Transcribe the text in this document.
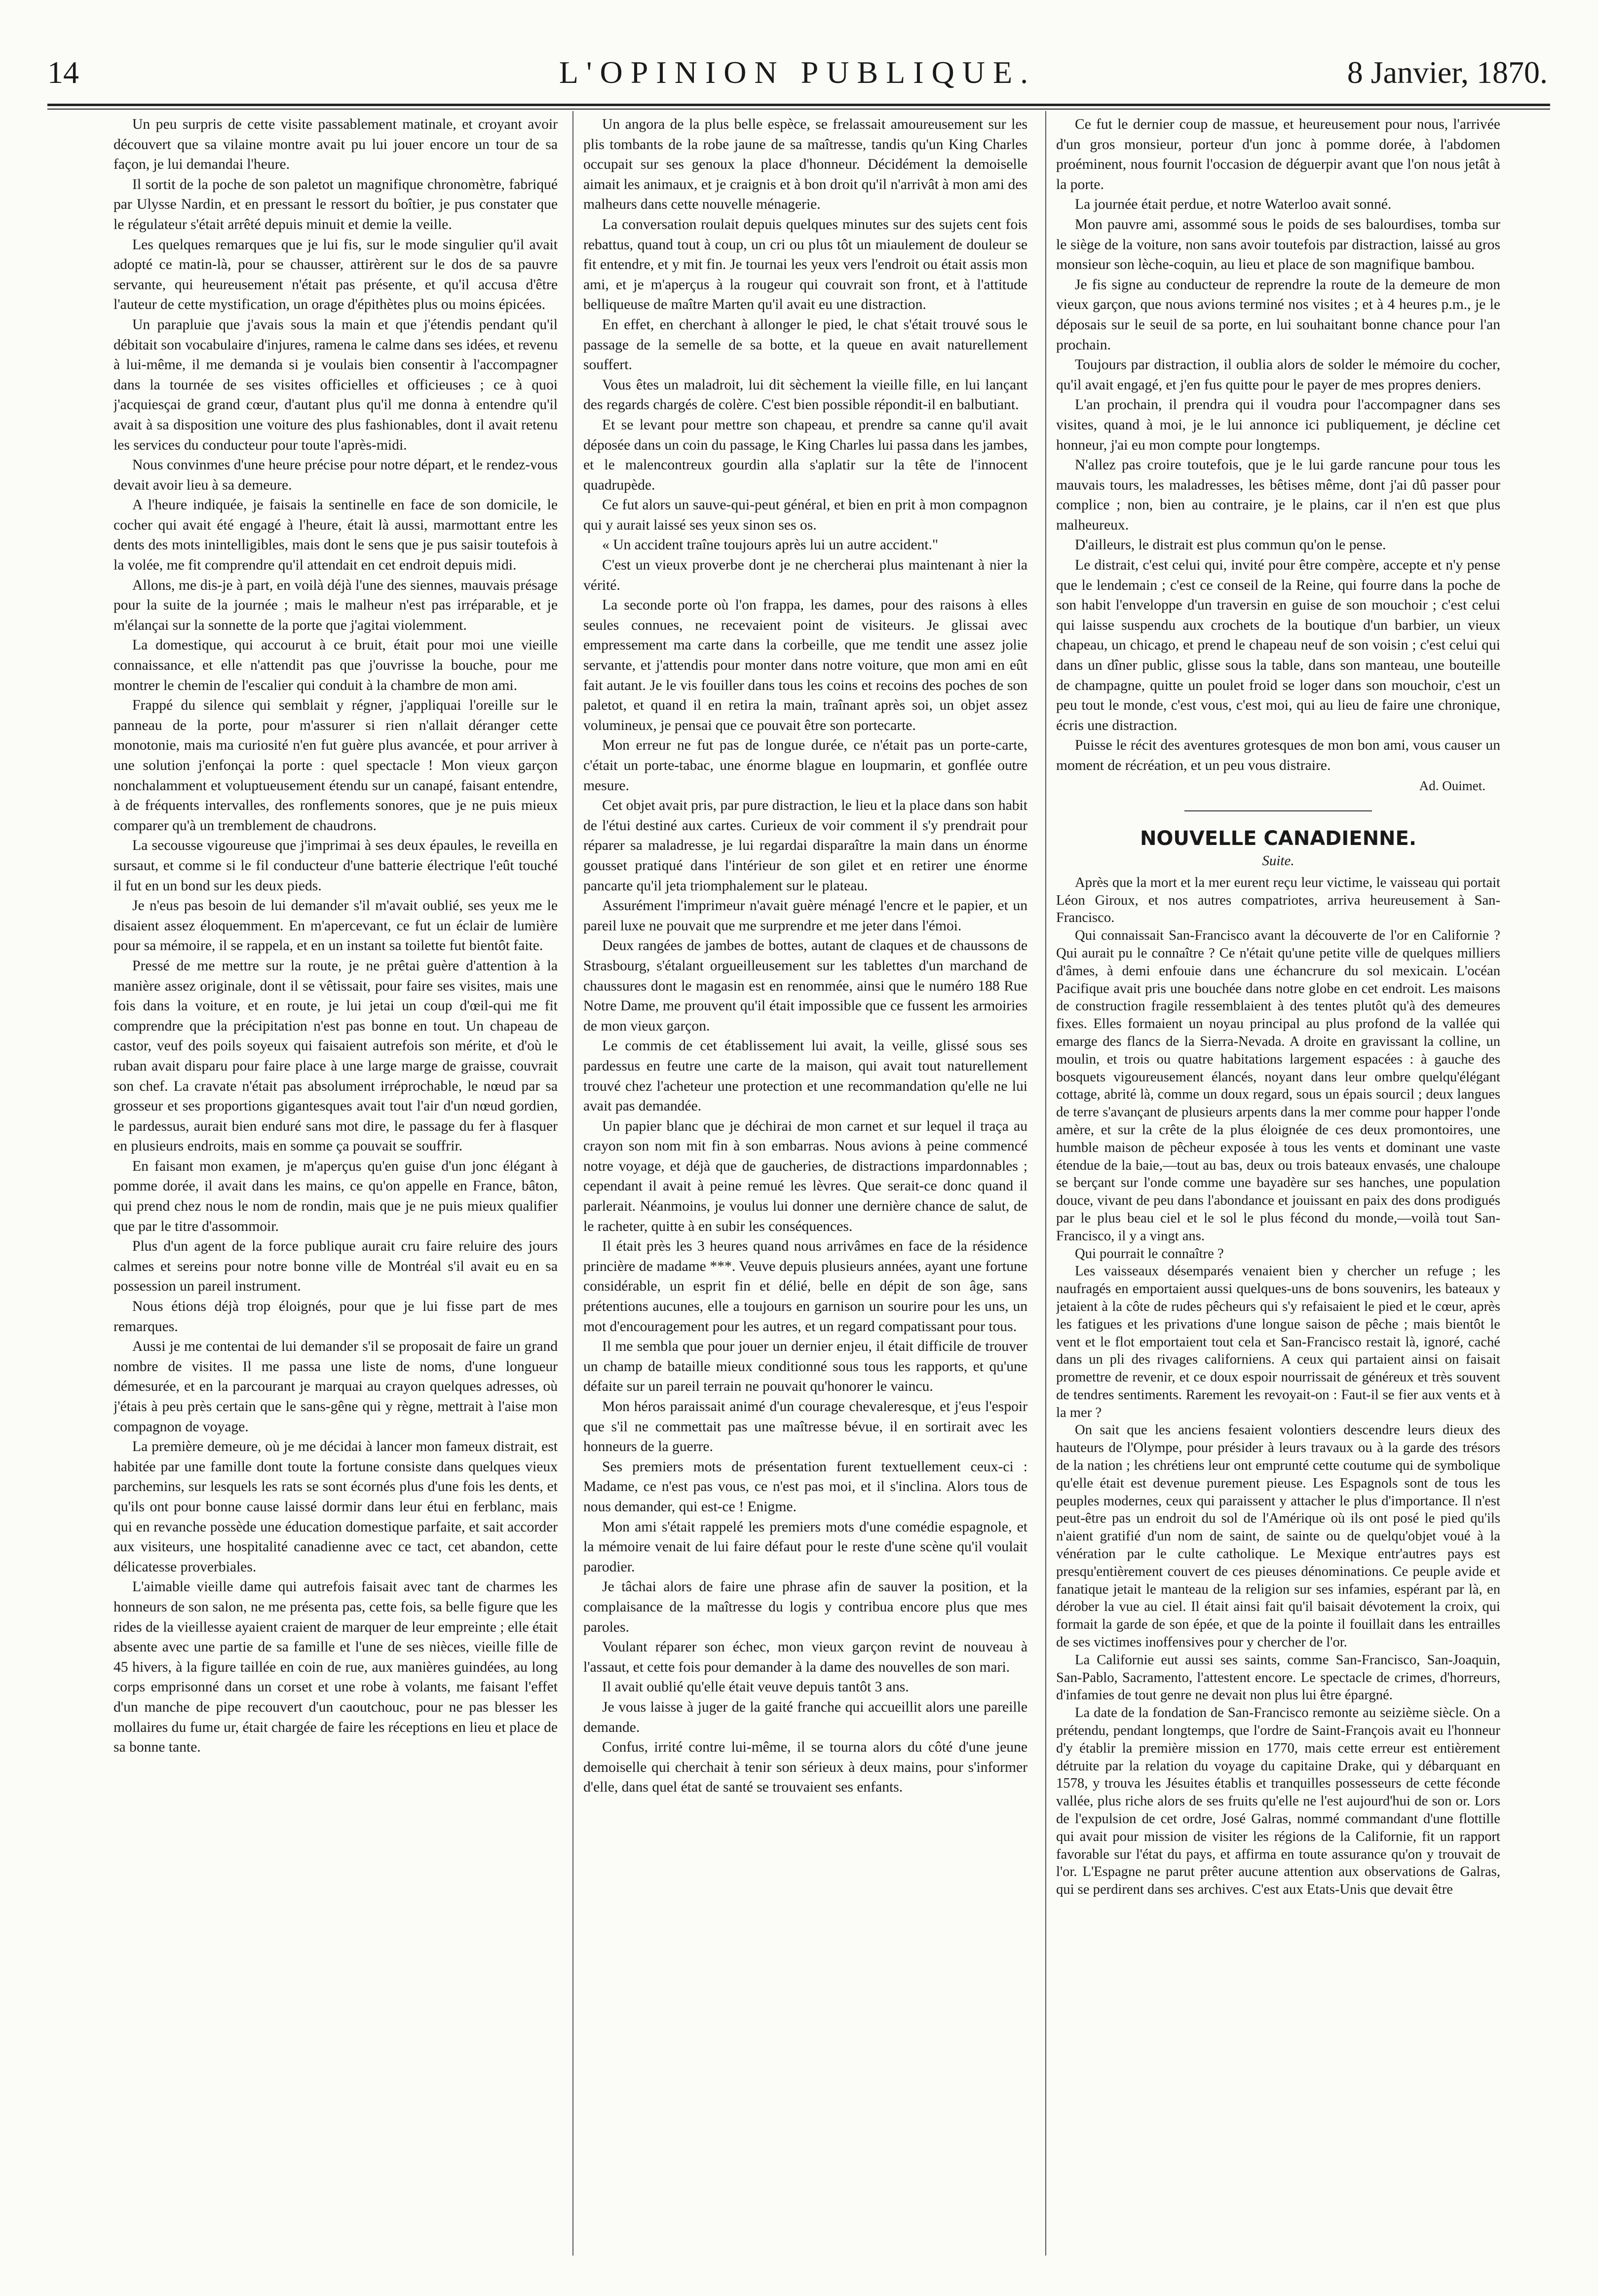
14	L'OPINION PUBLIQUE.	8 Janvier, 1870.

Un peu surpris de cette visite passablement matinale, et croyant avoir découvert que sa vilaine montre avait pu lui jouer encore un tour de sa façon, je lui demandai l'heure.

Il sortit de la poche de son paletot un magnifique chronomètre, fabriqué par Ulysse Nardin, et en pressant le ressort du boîtier, je pus constater que le régulateur s'était arrêté depuis minuit et demie la veille.

Les quelques remarques que je lui fis, sur le mode singulier qu'il avait adopté ce matin-là, pour se chausser, attirèrent sur le dos de sa pauvre servante, qui heureusement n'était pas présente, et qu'il accusa d'être l'auteur de cette mystification, un orage d'épithètes plus ou moins épicées.

Un parapluie que j'avais sous la main et que j'étendis pendant qu'il débitait son vocabulaire d'injures, ramena le calme dans ses idées, et revenu à lui-même, il me demanda si je voulais bien consentir à l'accompagner dans la tournée de ses visites officielles et officieuses ; ce à quoi j'acquiesçai de grand cœur, d'autant plus qu'il me donna à entendre qu'il avait à sa disposition une voiture des plus fashionables, dont il avait retenu les services du conducteur pour toute l'après-midi.

Nous convinmes d'une heure précise pour notre départ, et le rendez-vous devait avoir lieu à sa demeure.

A l'heure indiquée, je faisais la sentinelle en face de son domicile, le cocher qui avait été engagé à l'heure, était là aussi, marmottant entre les dents des mots inintelligibles, mais dont le sens que je pus saisir toutefois à la volée, me fit comprendre qu'il attendait en cet endroit depuis midi.

Allons, me dis-je à part, en voilà déjà l'une des siennes, mauvais présage pour la suite de la journée ; mais le malheur n'est pas irréparable, et je m'élançai sur la sonnette de la porte que j'agitai violemment.

La domestique, qui accourut à ce bruit, était pour moi une vieille connaissance, et elle n'attendit pas que j'ouvrisse la bouche, pour me montrer le chemin de l'escalier qui conduit à la chambre de mon ami.

Frappé du silence qui semblait y régner, j'appliquai l'oreille sur le panneau de la porte, pour m'assurer si rien n'allait déranger cette monotonie, mais ma curiosité n'en fut guère plus avancée, et pour arriver à une solution j'enfonçai la porte : quel spectacle ! Mon vieux garçon nonchalamment et voluptueusement étendu sur un canapé, faisant entendre, à de fréquents intervalles, des ronflements sonores, que je ne puis mieux comparer qu'à un tremblement de chaudrons.

La secousse vigoureuse que j'imprimai à ses deux épaules, le reveilla en sursaut, et comme si le fil conducteur d'une batterie électrique l'eût touché il fut en un bond sur les deux pieds.

Je n'eus pas besoin de lui demander s'il m'avait oublié, ses yeux me le disaient assez éloquemment. En m'apercevant, ce fut un éclair de lumière pour sa mémoire, il se rappela, et en un instant sa toilette fut bientôt faite.

Pressé de me mettre sur la route, je ne prêtai guère d'attention à la manière assez originale, dont il se vêtissait, pour faire ses visites, mais une fois dans la voiture, et en route, je lui jetai un coup d'œil-qui me fit comprendre que la précipitation n'est pas bonne en tout. Un chapeau de castor, veuf des poils soyeux qui faisaient autrefois son mérite, et d'où le ruban avait disparu pour faire place à une large marge de graisse, couvrait son chef. La cravate n'était pas absolument irréprochable, le nœud par sa grosseur et ses proportions gigantesques avait tout l'air d'un nœud gordien, le pardessus, aurait bien enduré sans mot dire, le passage du fer à flasquer en plusieurs endroits, mais en somme ça pouvait se souffrir.

En faisant mon examen, je m'aperçus qu'en guise d'un jonc élégant à pomme dorée, il avait dans les mains, ce qu'on appelle en France, bâton, qui prend chez nous le nom de rondin, mais que je ne puis mieux qualifier que par le titre d'assommoir.

Plus d'un agent de la force publique aurait cru faire reluire des jours calmes et sereins pour notre bonne ville de Montréal s'il avait eu en sa possession un pareil instrument.

Nous étions déjà trop éloignés, pour que je lui fisse part de mes remarques.

Aussi je me contentai de lui demander s'il se proposait de faire un grand nombre de visites. Il me passa une liste de noms, d'une longueur démesurée, et en la parcourant je marquai au crayon quelques adresses, où j'étais à peu près certain que le sans-gêne qui y règne, mettrait à l'aise mon compagnon de voyage.

La première demeure, où je me décidai à lancer mon fameux distrait, est habitée par une famille dont toute la fortune consiste dans quelques vieux parchemins, sur lesquels les rats se sont écornés plus d'une fois les dents, et qu'ils ont pour bonne cause laissé dormir dans leur étui en ferblanc, mais qui en revanche possède une éducation domestique parfaite, et sait accorder aux visiteurs, une hospitalité canadienne avec ce tact, cet abandon, cette délicatesse proverbiales.

L'aimable vieille dame qui autrefois faisait avec tant de charmes les honneurs de son salon, ne me présenta pas, cette fois, sa belle figure que les rides de la vieillesse ayaient craient de marquer de leur empreinte ; elle était absente avec une partie de sa famille et l'une de ses nièces, vieille fille de 45 hivers, à la figure taillée en coin de rue, aux manières guindées, au long corps emprisonné dans un corset et une robe à volants, me faisant l'effet d'un manche de pipe recouvert d'un caoutchouc, pour ne pas blesser les mollaires du fume ur, était chargée de faire les réceptions en lieu et place de sa bonne tante.

Un angora de la plus belle espèce, se frelassait amoureusement sur les plis tombants de la robe jaune de sa maîtresse, tandis qu'un King Charles occupait sur ses genoux la place d'honneur. Décidément la demoiselle aimait les animaux, et je craignis et à bon droit qu'il n'arrivât à mon ami des malheurs dans cette nouvelle ménagerie.

La conversation roulait depuis quelques minutes sur des sujets cent fois rebattus, quand tout à coup, un cri ou plus tôt un miaulement de douleur se fit entendre, et y mit fin. Je tournai les yeux vers l'endroit ou était assis mon ami, et je m'aperçus à la rougeur qui couvrait son front, et à l'attitude belliqueuse de maître Marten qu'il avait eu une distraction.

En effet, en cherchant à allonger le pied, le chat s'était trouvé sous le passage de la semelle de sa botte, et la queue en avait naturellement souffert.

Vous êtes un maladroit, lui dit sèchement la vieille fille, en lui lançant des regards chargés de colère. C'est bien possible répondit-il en balbutiant.

Et se levant pour mettre son chapeau, et prendre sa canne qu'il avait déposée dans un coin du passage, le King Charles lui passa dans les jambes, et le malencontreux gourdin alla s'aplatir sur la tête de l'innocent quadrupède.

Ce fut alors un sauve-qui-peut général, et bien en prit à mon compagnon qui y aurait laissé ses yeux sinon ses os.

« Un accident traîne toujours après lui un autre accident."

C'est un vieux proverbe dont je ne chercherai plus maintenant à nier la vérité.

La seconde porte où l'on frappa, les dames, pour des raisons à elles seules connues, ne recevaient point de visiteurs. Je glissai avec empressement ma carte dans la corbeille, que me tendit une assez jolie servante, et j'attendis pour monter dans notre voiture, que mon ami en eût fait autant. Je le vis fouiller dans tous les coins et recoins des poches de son paletot, et quand il en retira la main, traînant après soi, un objet assez volumineux, je pensai que ce pouvait être son portecarte.

Mon erreur ne fut pas de longue durée, ce n'était pas un porte-carte, c'était un porte-tabac, une énorme blague en loupmarin, et gonflée outre mesure.

Cet objet avait pris, par pure distraction, le lieu et la place dans son habit de l'étui destiné aux cartes. Curieux de voir comment il s'y prendrait pour réparer sa maladresse, je lui regardai disparaître la main dans un énorme gousset pratiqué dans l'intérieur de son gilet et en retirer une énorme pancarte qu'il jeta triomphalement sur le plateau.

Assurément l'imprimeur n'avait guère ménagé l'encre et le papier, et un pareil luxe ne pouvait que me surprendre et me jeter dans l'émoi.

Deux rangées de jambes de bottes, autant de claques et de chaussons de Strasbourg, s'étalant orgueilleusement sur les tablettes d'un marchand de chaussures dont le magasin est en renommée, ainsi que le numéro 188 Rue Notre Dame, me prouvent qu'il était impossible que ce fussent les armoiries de mon vieux garçon.

Le commis de cet établissement lui avait, la veille, glissé sous ses pardessus en feutre une carte de la maison, qui avait tout naturellement trouvé chez l'acheteur une protection et une recommandation qu'elle ne lui avait pas demandée.

Un papier blanc que je déchirai de mon carnet et sur lequel il traça au crayon son nom mit fin à son embarras. Nous avions à peine commencé notre voyage, et déjà que de gaucheries, de distractions impardonnables ; cependant il avait à peine remué les lèvres. Que serait-ce donc quand il parlerait. Néanmoins, je voulus lui donner une dernière chance de salut, de le racheter, quitte à en subir les conséquences.

Il était près les 3 heures quand nous arrivâmes en face de la résidence princière de madame ***. Veuve depuis plusieurs années, ayant une fortune considérable, un esprit fin et délié, belle en dépit de son âge, sans prétentions aucunes, elle a toujours en garnison un sourire pour les uns, un mot d'encouragement pour les autres, et un regard compatissant pour tous.

Il me sembla que pour jouer un dernier enjeu, il était difficile de trouver un champ de bataille mieux conditionné sous tous les rapports, et qu'une défaite sur un pareil terrain ne pouvait qu'honorer le vaincu.

Mon héros paraissait animé d'un courage chevaleresque, et j'eus l'espoir que s'il ne commettait pas une maîtresse bévue, il en sortirait avec les honneurs de la guerre.

Ses premiers mots de présentation furent textuellement ceux-ci : Madame, ce n'est pas vous, ce n'est pas moi, et il s'inclina. Alors tous de nous demander, qui est-ce ! Enigme.

Mon ami s'était rappelé les premiers mots d'une comédie espagnole, et la mémoire venait de lui faire défaut pour le reste d'une scène qu'il voulait parodier.

Je tâchai alors de faire une phrase afin de sauver la position, et la complaisance de la maîtresse du logis y contribua encore plus que mes paroles.

Voulant réparer son échec, mon vieux garçon revint de nouveau à l'assaut, et cette fois pour demander à la dame des nouvelles de son mari.

Il avait oublié qu'elle était veuve depuis tantôt 3 ans.

Je vous laisse à juger de la gaité franche qui accueillit alors une pareille demande.

Confus, irrité contre lui-même, il se tourna alors du côté d'une jeune demoiselle qui cherchait à tenir son sérieux à deux mains, pour s'informer d'elle, dans quel état de santé se trouvaient ses enfants.

Ce fut le dernier coup de massue, et heureusement pour nous, l'arrivée d'un gros monsieur, porteur d'un jonc à pomme dorée, à l'abdomen proéminent, nous fournit l'occasion de déguerpir avant que l'on nous jetât à la porte.

La journée était perdue, et notre Waterloo avait sonné.

Mon pauvre ami, assommé sous le poids de ses balourdises, tomba sur le siège de la voiture, non sans avoir toutefois par distraction, laissé au gros monsieur son lèche-coquin, au lieu et place de son magnifique bambou.

Je fis signe au conducteur de reprendre la route de la demeure de mon vieux garçon, que nous avions terminé nos visites ; et à 4 heures p.m., je le déposais sur le seuil de sa porte, en lui souhaitant bonne chance pour l'an prochain.

Toujours par distraction, il oublia alors de solder le mémoire du cocher, qu'il avait engagé, et j'en fus quitte pour le payer de mes propres deniers.

L'an prochain, il prendra qui il voudra pour l'accompagner dans ses visites, quand à moi, je le lui annonce ici publiquement, je décline cet honneur, j'ai eu mon compte pour longtemps.

N'allez pas croire toutefois, que je le lui garde rancune pour tous les mauvais tours, les maladresses, les bêtises même, dont j'ai dû passer pour complice ; non, bien au contraire, je le plains, car il n'en est que plus malheureux.

D'ailleurs, le distrait est plus commun qu'on le pense.

Le distrait, c'est celui qui, invité pour être compère, accepte et n'y pense que le lendemain ; c'est ce conseil de la Reine, qui fourre dans la poche de son habit l'enveloppe d'un traversin en guise de son mouchoir ; c'est celui qui laisse suspendu aux crochets de la boutique d'un barbier, un vieux chapeau, un chicago, et prend le chapeau neuf de son voisin ; c'est celui qui dans un dîner public, glisse sous la table, dans son manteau, une bouteille de champagne, quitte un poulet froid se loger dans son mouchoir, c'est un peu tout le monde, c'est vous, c'est moi, qui au lieu de faire une chronique, écris une distraction.

Puisse le récit des aventures grotesques de mon bon ami, vous causer un moment de récréation, et un peu vous distraire.

Ad. Ouimet.

NOUVELLE CANADIENNE.
Suite.

Après que la mort et la mer eurent reçu leur victime, le vaisseau qui portait Léon Giroux, et nos autres compatriotes, arriva heureusement à San-Francisco.

Qui connaissait San-Francisco avant la découverte de l'or en Californie ? Qui aurait pu le connaître ? Ce n'était qu'une petite ville de quelques milliers d'âmes, à demi enfouie dans une échancrure du sol mexicain. L'océan Pacifique avait pris une bouchée dans notre globe en cet endroit. Les maisons de construction fragile ressemblaient à des tentes plutôt qu'à des demeures fixes. Elles formaient un noyau principal au plus profond de la vallée qui emarge des flancs de la Sierra-Nevada. A droite en gravissant la colline, un moulin, et trois ou quatre habitations largement espacées : à gauche des bosquets vigoureusement élancés, noyant dans leur ombre quelqu'élégant cottage, abrité là, comme un doux regard, sous un épais sourcil ; deux langues de terre s'avançant de plusieurs arpents dans la mer comme pour happer l'onde amère, et sur la crête de la plus éloignée de ces deux promontoires, une humble maison de pêcheur exposée à tous les vents et dominant une vaste étendue de la baie,—tout au bas, deux ou trois bateaux envasés, une chaloupe se berçant sur l'onde comme une bayadère sur ses hanches, une population douce, vivant de peu dans l'abondance et jouissant en paix des dons prodigués par le plus beau ciel et le sol le plus fécond du monde,—voilà tout San-Francisco, il y a vingt ans.

Qui pourrait le connaître ?

Les vaisseaux désemparés venaient bien y chercher un refuge ; les naufragés en emportaient aussi quelques-uns de bons souvenirs, les bateaux y jetaient à la côte de rudes pêcheurs qui s'y refaisaient le pied et le cœur, après les fatigues et les privations d'une longue saison de pêche ; mais bientôt le vent et le flot emportaient tout cela et San-Francisco restait là, ignoré, caché dans un pli des rivages californiens. A ceux qui partaient ainsi on faisait promettre de revenir, et ce doux espoir nourrissait de généreux et très souvent de tendres sentiments. Rarement les revoyait-on : Faut-il se fier aux vents et à la mer ?

On sait que les anciens fesaient volontiers descendre leurs dieux des hauteurs de l'Olympe, pour présider à leurs travaux ou à la garde des trésors de la nation ; les chrétiens leur ont emprunté cette coutume qui de symbolique qu'elle était est devenue purement pieuse. Les Espagnols sont de tous les peuples modernes, ceux qui paraissent y attacher le plus d'importance. Il n'est peut-être pas un endroit du sol de l'Amérique où ils ont posé le pied qu'ils n'aient gratifié d'un nom de saint, de sainte ou de quelqu'objet voué à la vénération par le culte catholique. Le Mexique entr'autres pays est presqu'entièrement couvert de ces pieuses dénominations. Ce peuple avide et fanatique jetait le manteau de la religion sur ses infamies, espérant par là, en dérober la vue au ciel. Il était ainsi fait qu'il baisait dévotement la croix, qui formait la garde de son épée, et que de la pointe il fouillait dans les entrailles de ses victimes inoffensives pour y chercher de l'or.

La Californie eut aussi ses saints, comme San-Francisco, San-Joaquin, San-Pablo, Sacramento, l'attestent encore. Le spectacle de crimes, d'horreurs, d'infamies de tout genre ne devait non plus lui être épargné.

La date de la fondation de San-Francisco remonte au seizième siècle. On a prétendu, pendant longtemps, que l'ordre de Saint-François avait eu l'honneur d'y établir la première mission en 1770, mais cette erreur est entièrement détruite par la relation du voyage du capitaine Drake, qui y débarquant en 1578, y trouva les Jésuites établis et tranquilles possesseurs de cette féconde vallée, plus riche alors de ses fruits qu'elle ne l'est aujourd'hui de son or. Lors de l'expulsion de cet ordre, José Galras, nommé commandant d'une flottille qui avait pour mission de visiter les régions de la Californie, fit un rapport favorable sur l'état du pays, et affirma en toute assurance qu'on y trouvait de l'or. L'Espagne ne parut prêter aucune attention aux observations de Galras, qui se perdirent dans ses archives. C'est aux Etats-Unis que devait être
